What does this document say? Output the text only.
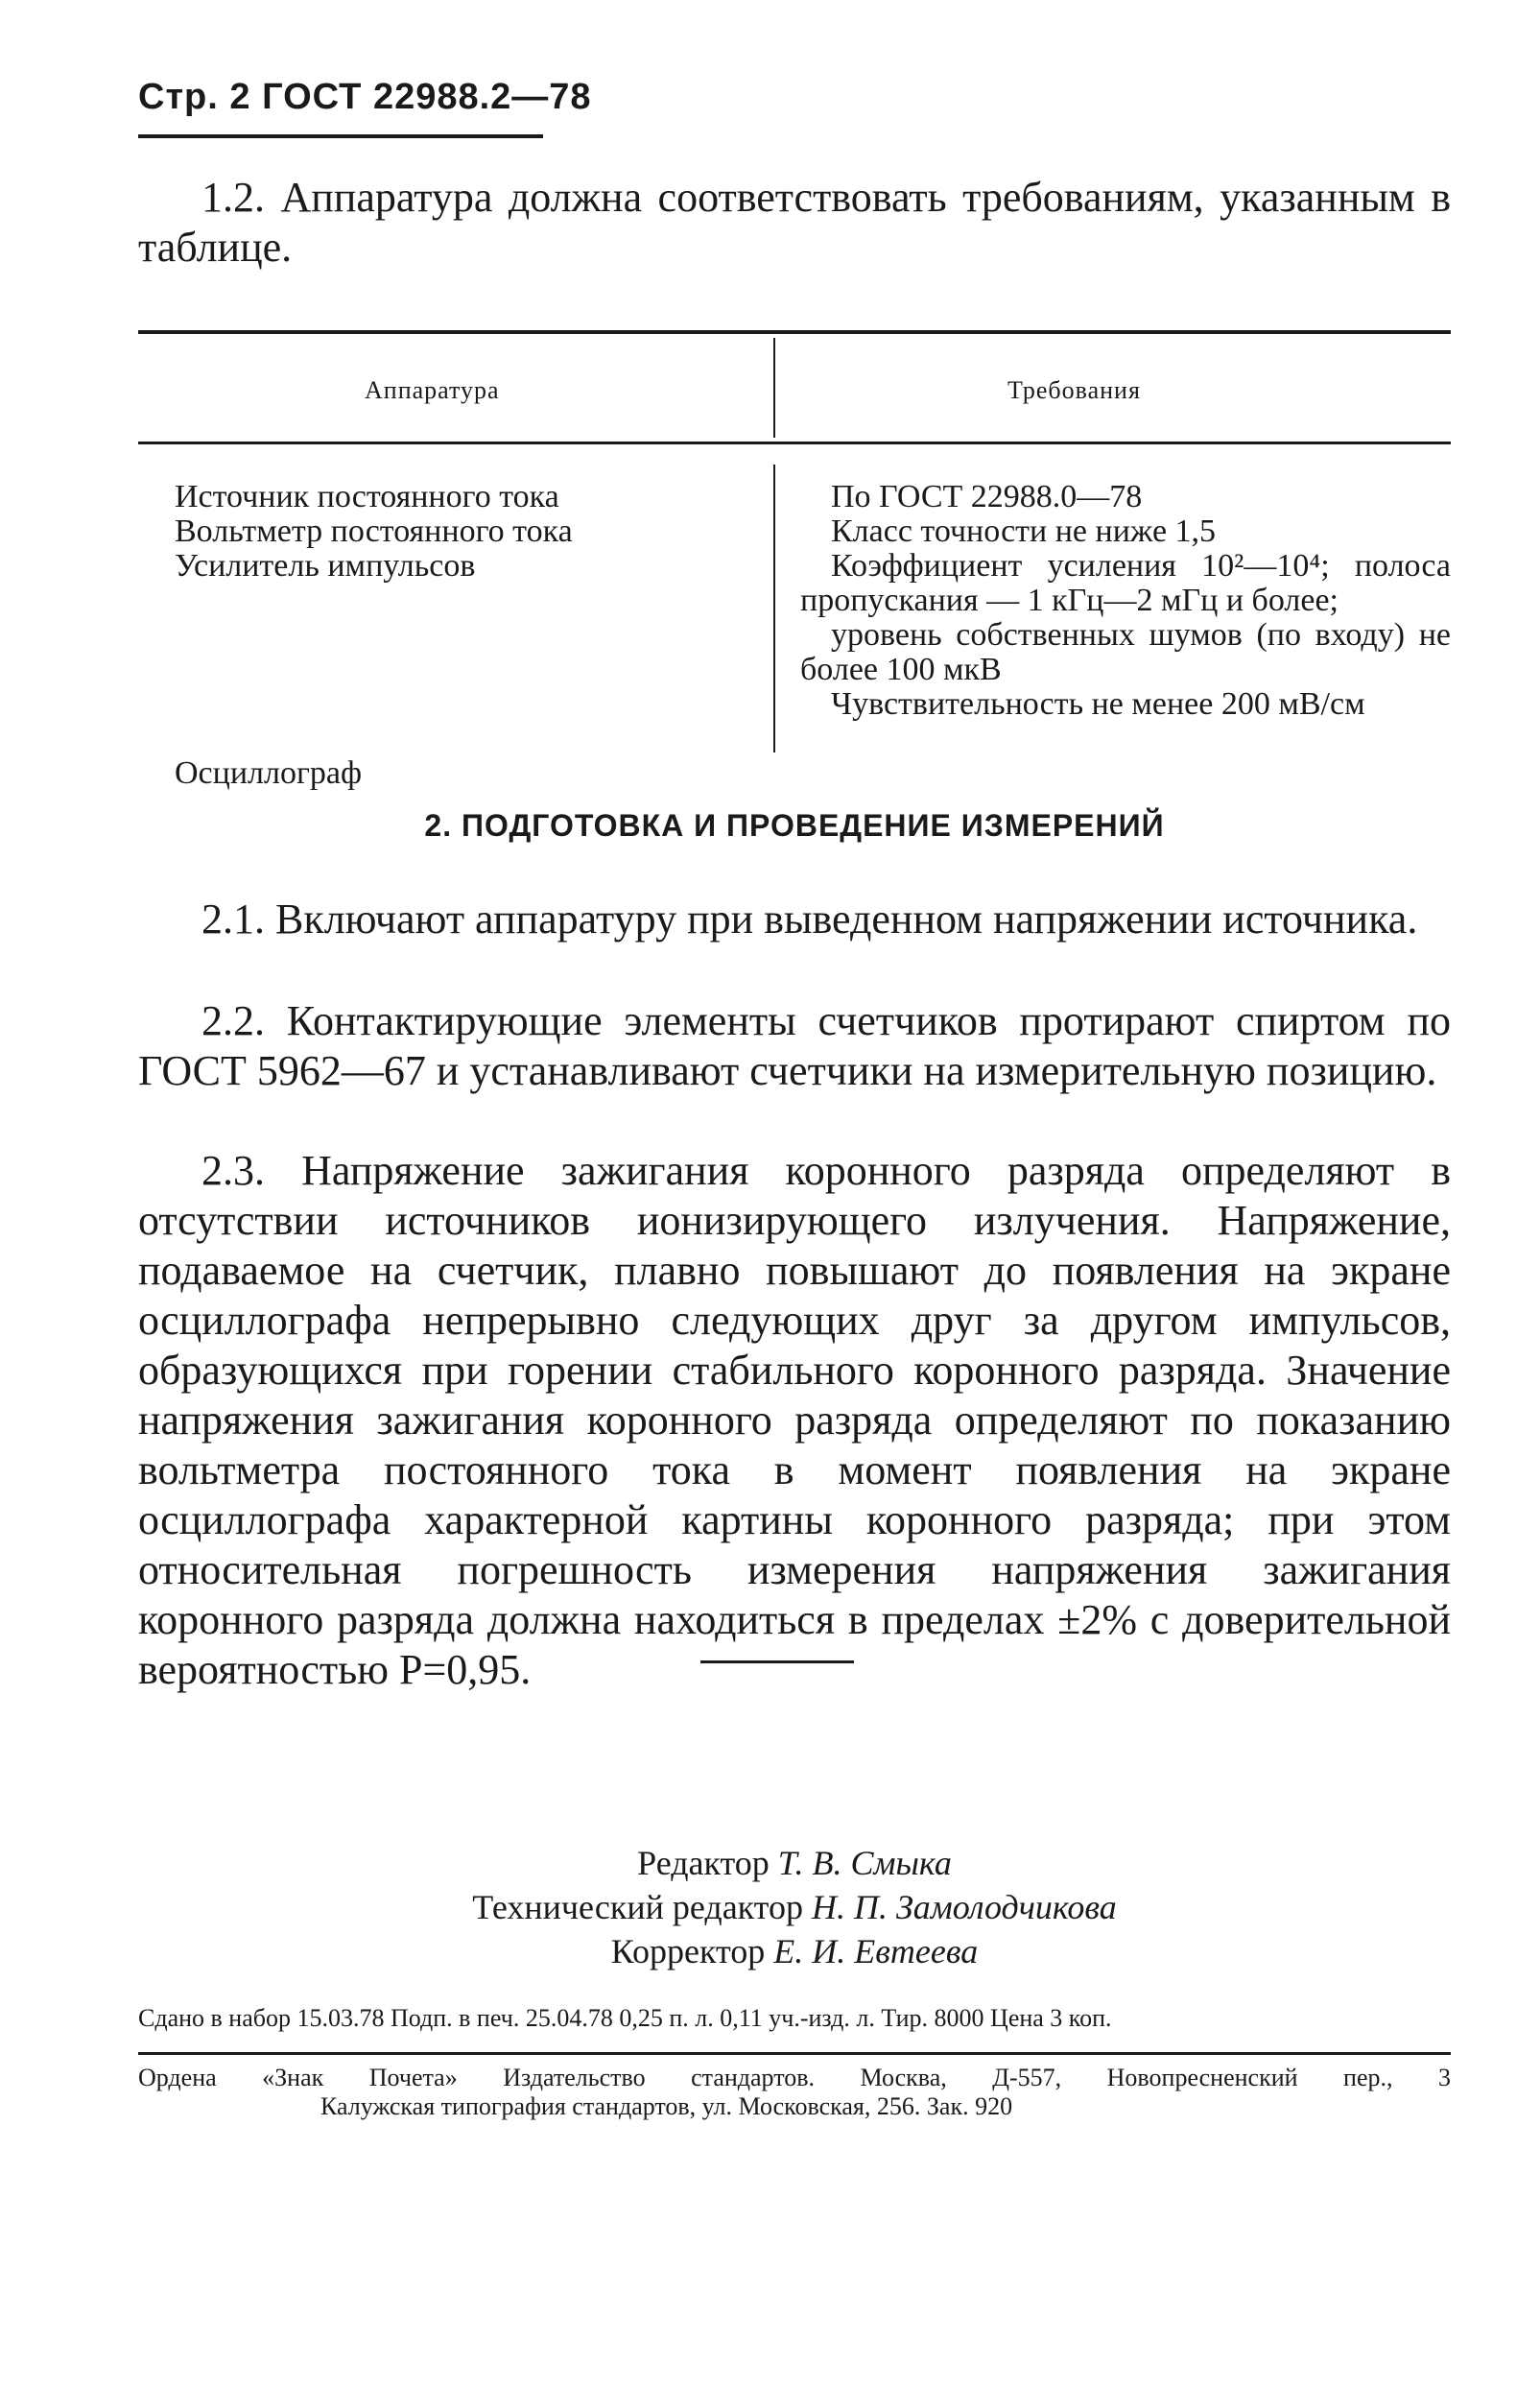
Стр. 2 ГОСТ 22988.2—78

1.2. Аппаратура должна соответствовать требованиям, указанным в таблице.

Аппаратура	Требования
Источник постоянного тока
Вольтметр постоянного тока
Усилитель импульсов
Осциллограф
По ГОСТ 22988.0—78
Класс точности не ниже 1,5
Коэффициент усиления 10²—10⁴; полоса пропускания — 1 кГц—2 мГц и более;
уровень собственных шумов (по входу) не более 100 мкВ
Чувствительность не менее 200 мВ/см
2. ПОДГОТОВКА И ПРОВЕДЕНИЕ ИЗМЕРЕНИЙ

2.1. Включают аппаратуру при выведенном напряжении источника.

2.2. Контактирующие элементы счетчиков протирают спиртом по ГОСТ 5962—67 и устанавливают счетчики на измерительную позицию.

2.3. Напряжение зажигания коронного разряда определяют в отсутствии источников ионизирующего излучения. Напряжение, подаваемое на счетчик, плавно повышают до появления на экране осциллографа непрерывно следующих друг за другом импульсов, образующихся при горении стабильного коронного разряда. Значение напряжения зажигания коронного разряда определяют по показанию вольтметра постоянного тока в момент появления на экране осциллографа характерной картины коронного разряда; при этом относительная погрешность измерения напряжения зажигания коронного разряда должна находиться в пределах ±2% с доверительной вероятностью P=0,95.

Редактор Т. В. Смыка
Технический редактор Н. П. Замолодчикова
Корректор Е. И. Евтеева
Сдано в набор 15.03.78 Подп. в печ. 25.04.78 0,25 п. л. 0,11 уч.-изд. л. Тир. 8000 Цена 3 коп.
Ордена «Знак Почета» Издательство стандартов. Москва, Д-557, Новопресненский пер., 3
Калужская типография стандартов, ул. Московская, 256. Зак. 920
